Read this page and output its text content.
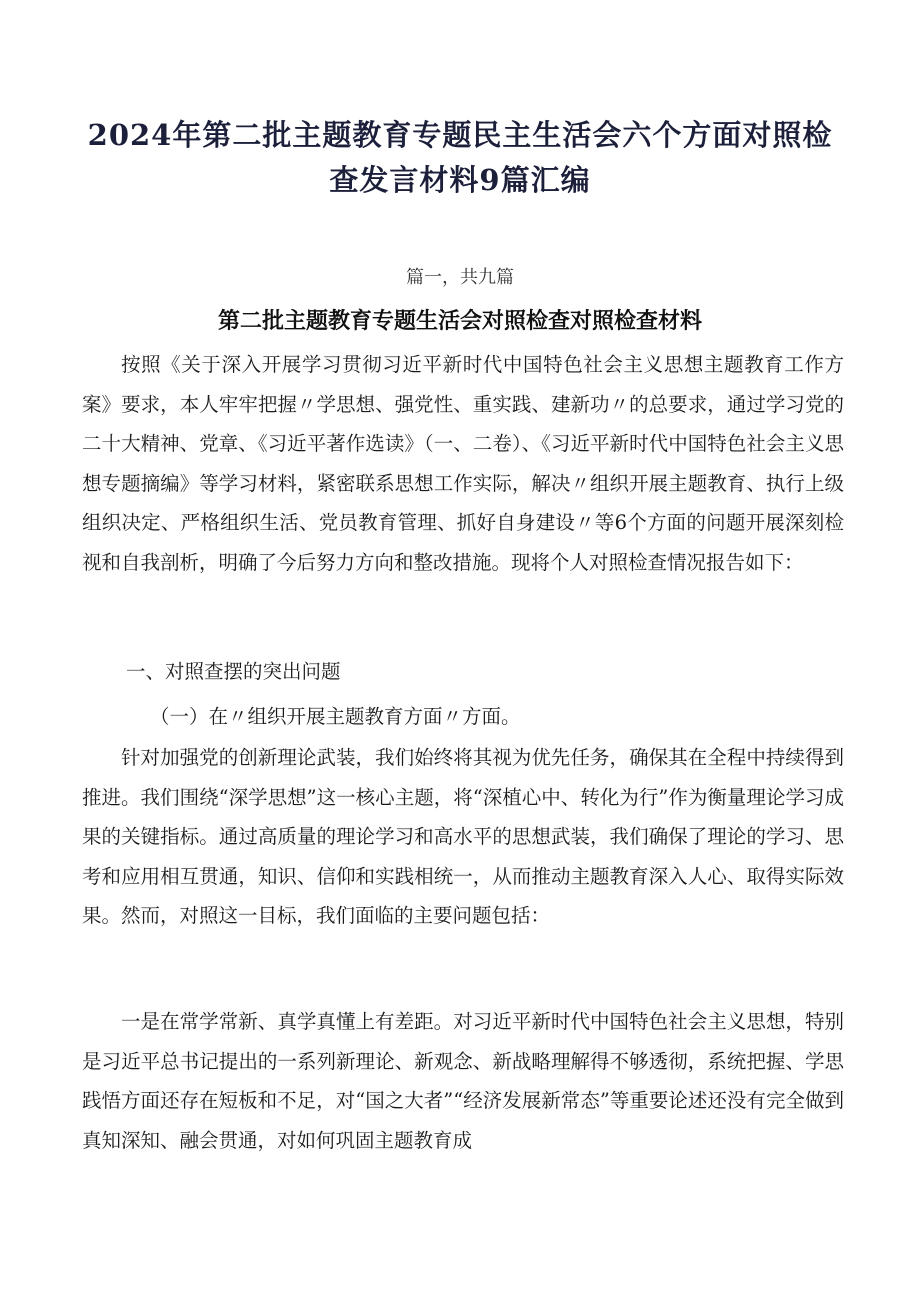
2024年第二批主题教育专题民主生活会六个方面对照检
查发言材料9篇汇编
篇一，共九篇
第二批主题教育专题生活会对照检查对照检查材料
按照《关于深入开展学习贯彻习近平新时代中国特色社会主义思想主题教育工作方案》要求，本人牢牢把握〃学思想、强党性、重实践、建新功〃的总要求，通过学习党的二十大精神、党章、《习近平著作选读》（一、二卷）、《习近平新时代中国特色社会主义思想专题摘编》等学习材料，紧密联系思想工作实际，解决〃组织开展主题教育、执行上级组织决定、严格组织生活、党员教育管理、抓好自身建设〃等6个方面的问题开展深刻检视和自我剖析，明确了今后努力方向和整改措施。现将个人对照检查情况报告如下：
一、对照查摆的突出问题
（一）在〃组织开展主题教育方面〃方面。
针对加强党的创新理论武装，我们始终将其视为优先任务，确保其在全程中持续得到推进。我们围绕“深学思想”这一核心主题，将“深植心中、转化为行”作为衡量理论学习成果的关键指标。通过高质量的理论学习和高水平的思想武装，我们确保了理论的学习、思考和应用相互贯通，知识、信仰和实践相统一，从而推动主题教育深入人心、取得实际效果。然而，对照这一目标，我们面临的主要问题包括：
一是在常学常新、真学真懂上有差距。对习近平新时代中国特色社会主义思想，特别是习近平总书记提出的一系列新理论、新观念、新战略理解得不够透彻，系统把握、学思践悟方面还存在短板和不足，对“国之大者”“经济发展新常态”等重要论述还没有完全做到真知深知、融会贯通，对如何巩固主题教育成
